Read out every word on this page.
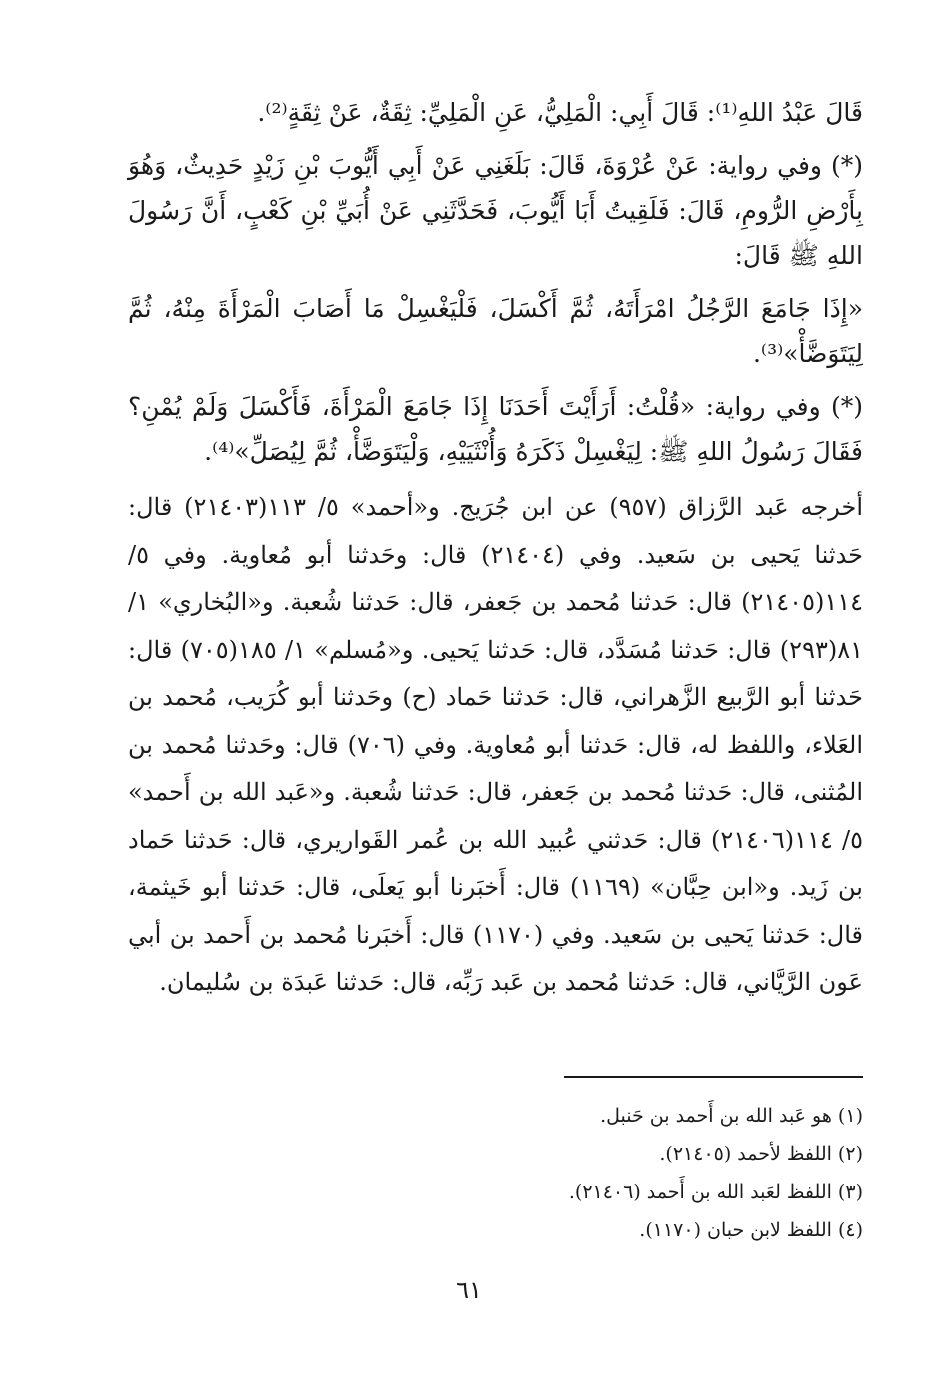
قَالَ عَبْدُ اللهِ⁽¹⁾: قَالَ أَبِي: الْمَلِيُّ، عَنِ الْمَلِيِّ: ثِقَةٌ، عَنْ ثِقَةٍ⁽²⁾.

(*) وفي رواية: عَنْ عُرْوَةَ، قَالَ: بَلَغَنِي عَنْ أَبِي أَيُّوبَ بْنِ زَيْدٍ حَدِيثٌ، وَهُوَ بِأَرْضِ الرُّومِ، قَالَ: فَلَقِيتُ أَبَا أَيُّوبَ، فَحَدَّثَنِي عَنْ أُبَيِّ بْنِ كَعْبٍ، أَنَّ رَسُولَ اللهِ ﷺ قَالَ:

«إِذَا جَامَعَ الرَّجُلُ امْرَأَتَهُ، ثُمَّ أَكْسَلَ، فَلْيَغْسِلْ مَا أَصَابَ الْمَرْأَةَ مِنْهُ، ثُمَّ لِيَتَوَضَّأْ»⁽³⁾.

(*) وفي رواية: «قُلْتُ: أَرَأَيْتَ أَحَدَنَا إِذَا جَامَعَ الْمَرْأَةَ، فَأَكْسَلَ وَلَمْ يُمْنِ؟ فَقَالَ رَسُولُ اللهِ ﷺ: لِيَغْسِلْ ذَكَرَهُ وَأُنْثَيَيْهِ، وَلْيَتَوَضَّأْ، ثُمَّ لِيُصَلِّ»⁽⁴⁾.

أخرجه عَبد الرَّزاق (٩٥٧) عن ابن جُرَيج. و«أحمد» ٥/ ١١٣(٢١٤٠٣) قال: حَدثنا يَحيى بن سَعيد. وفي (٢١٤٠٤) قال: وحَدثنا أبو مُعاوية. وفي ٥/ ١١٤(٢١٤٠٥) قال: حَدثنا مُحمد بن جَعفر، قال: حَدثنا شُعبة. و«البُخاري» ١/ ٨١(٢٩٣) قال: حَدثنا مُسَدَّد، قال: حَدثنا يَحيى. و«مُسلم» ١/ ١٨٥(٧٠٥) قال: حَدثنا أبو الرَّبيع الزَّهراني، قال: حَدثنا حَماد (ح) وحَدثنا أبو كُرَيب، مُحمد بن العَلاء، واللفظ له، قال: حَدثنا أبو مُعاوية. وفي (٧٠٦) قال: وحَدثنا مُحمد بن المُثنى، قال: حَدثنا مُحمد بن جَعفر، قال: حَدثنا شُعبة. و«عَبد الله بن أَحمد» ٥/ ١١٤(٢١٤٠٦) قال: حَدثني عُبيد الله بن عُمر القَواريري، قال: حَدثنا حَماد بن زَيد. و«ابن حِبَّان» (١١٦٩) قال: أَخبَرنا أبو يَعلَى، قال: حَدثنا أبو خَيثمة، قال: حَدثنا يَحيى بن سَعيد. وفي (١١٧٠) قال: أَخبَرنا مُحمد بن أَحمد بن أبي عَون الرَّيَّاني، قال: حَدثنا مُحمد بن عَبد رَبِّه، قال: حَدثنا عَبدَة بن سُليمان.

(١) هو عَبد الله بن أَحمد بن حَنبل.

(٢) اللفظ لأحمد (٢١٤٠٥).

(٣) اللفظ لعَبد الله بن أَحمد (٢١٤٠٦).

(٤) اللفظ لابن حبان (١١٧٠).

٦١
